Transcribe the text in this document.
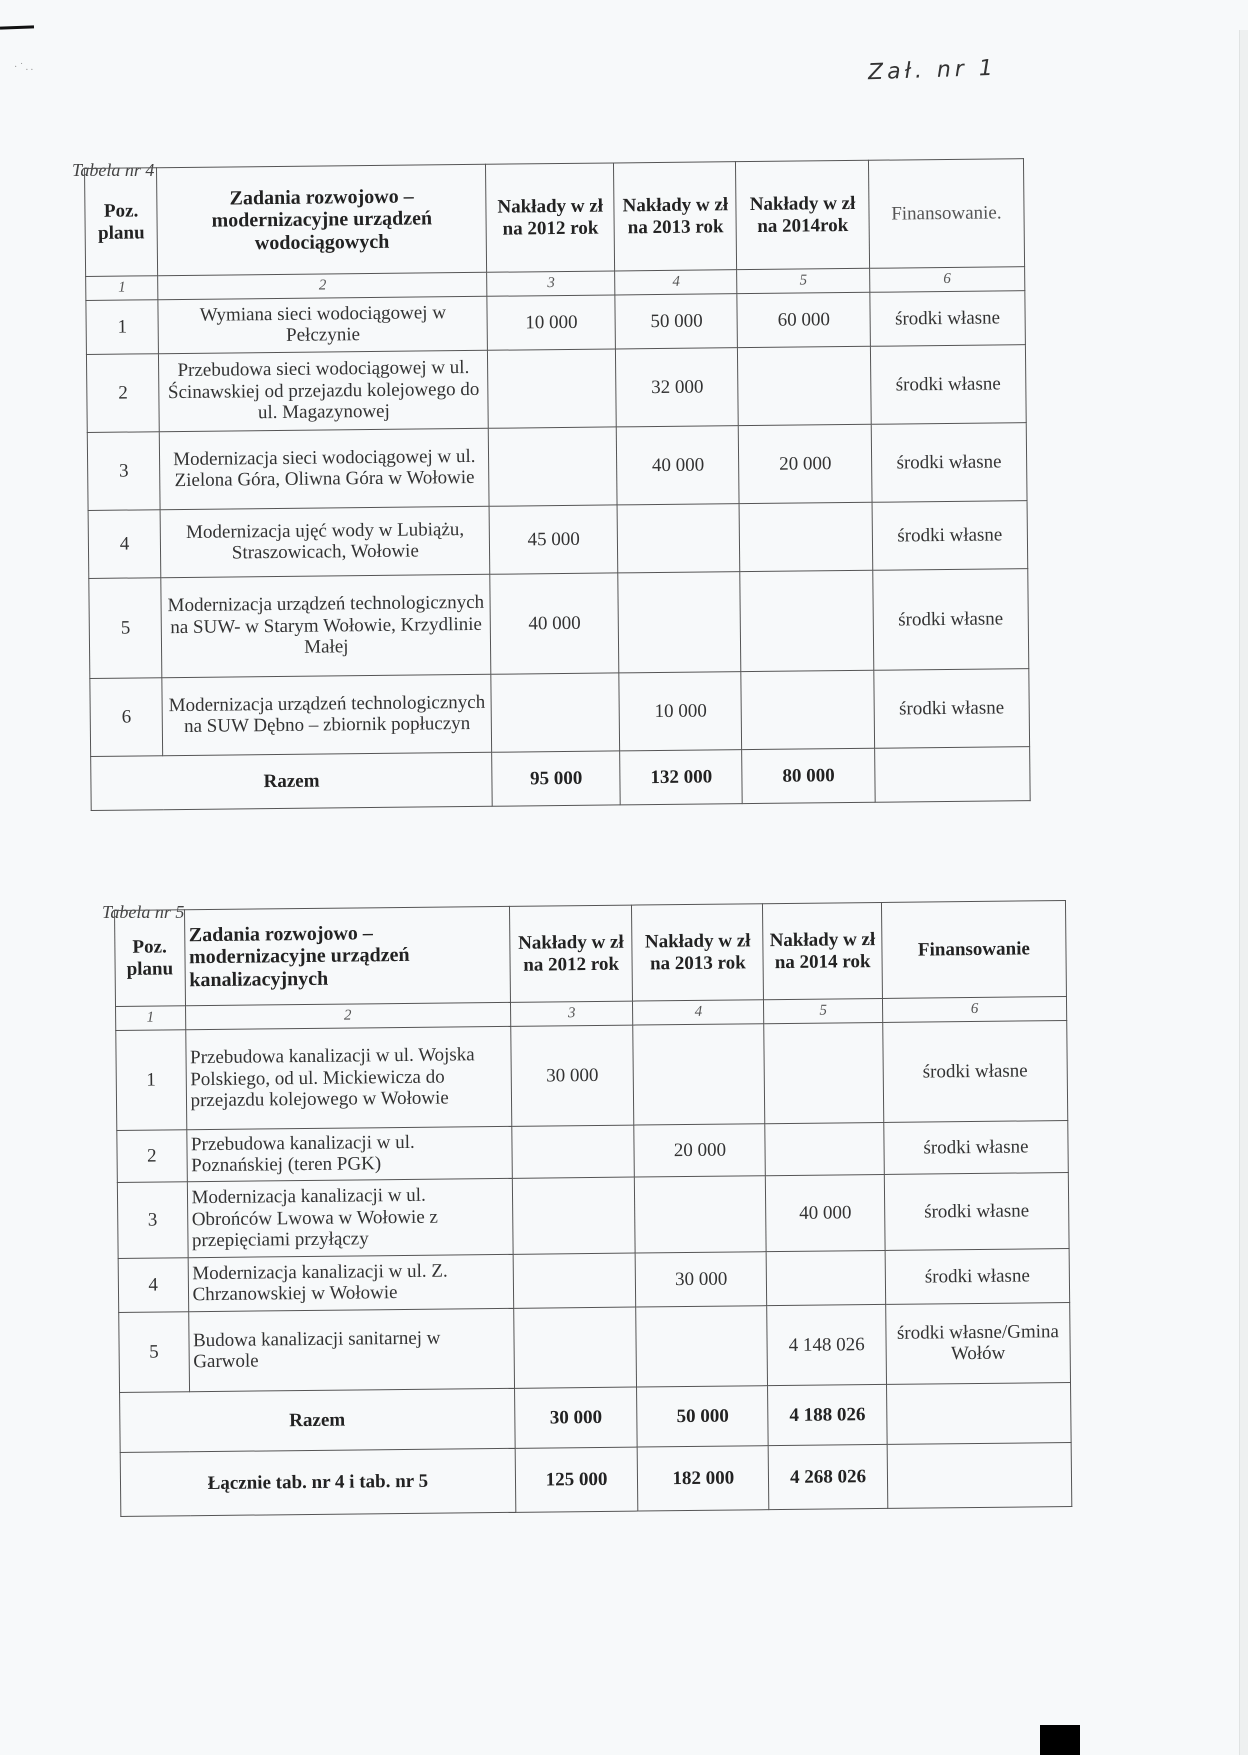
· ˙ . .	Zał. nr 1
Tabela nr 4
Poz. planu	Zadania rozwojowo – modernizacyjne urządzeń wodociągowych	Nakłady w zł na 2012 rok	Nakłady w zł na 2013 rok	Nakłady w zł na 2014rok	Finansowanie.
1	2	3	4	5	6
1	Wymiana sieci wodociągowej w Pełczynie	10 000	50 000	60 000	środki własne
2	Przebudowa sieci wodociągowej w ul. Ścinawskiej od przejazdu kolejowego do ul. Magazynowej		32 000		środki własne
3	Modernizacja sieci wodociągowej w ul. Zielona Góra, Oliwna Góra w Wołowie		40 000	20 000	środki własne
4	Modernizacja ujęć wody w Lubiążu, Straszowicach, Wołowie	45 000			środki własne
5	Modernizacja urządzeń technologicznych na SUW- w Starym Wołowie, Krzydlinie Małej	40 000			środki własne
6	Modernizacja urządzeń technologicznych na SUW Dębno – zbiornik popłuczyn		10 000		środki własne
Razem		95 000	132 000	80 000	
Tabela nr 5
Poz. planu	Zadania rozwojowo – modernizacyjne urządzeń kanalizacyjnych	Nakłady w zł na 2012 rok	Nakłady w zł na 2013 rok	Nakłady w zł na 2014 rok	Finansowanie
1	2	3	4	5	6
1	Przebudowa kanalizacji w ul. Wojska Polskiego, od ul. Mickiewicza do przejazdu kolejowego w Wołowie	30 000			środki własne
2	Przebudowa kanalizacji w ul. Poznańskiej (teren PGK)		20 000		środki własne
3	Modernizacja kanalizacji w ul. Obrońców Lwowa w Wołowie z przepięciami przyłączy			40 000	środki własne
4	Modernizacja kanalizacji w ul. Z. Chrzanowskiej w Wołowie		30 000		środki własne
5	Budowa kanalizacji sanitarnej w Garwole			4 148 026	środki własne/Gmina Wołów
Razem		30 000	50 000	4 188 026	
Łącznie tab. nr 4 i tab. nr 5		125 000	182 000	4 268 026	
